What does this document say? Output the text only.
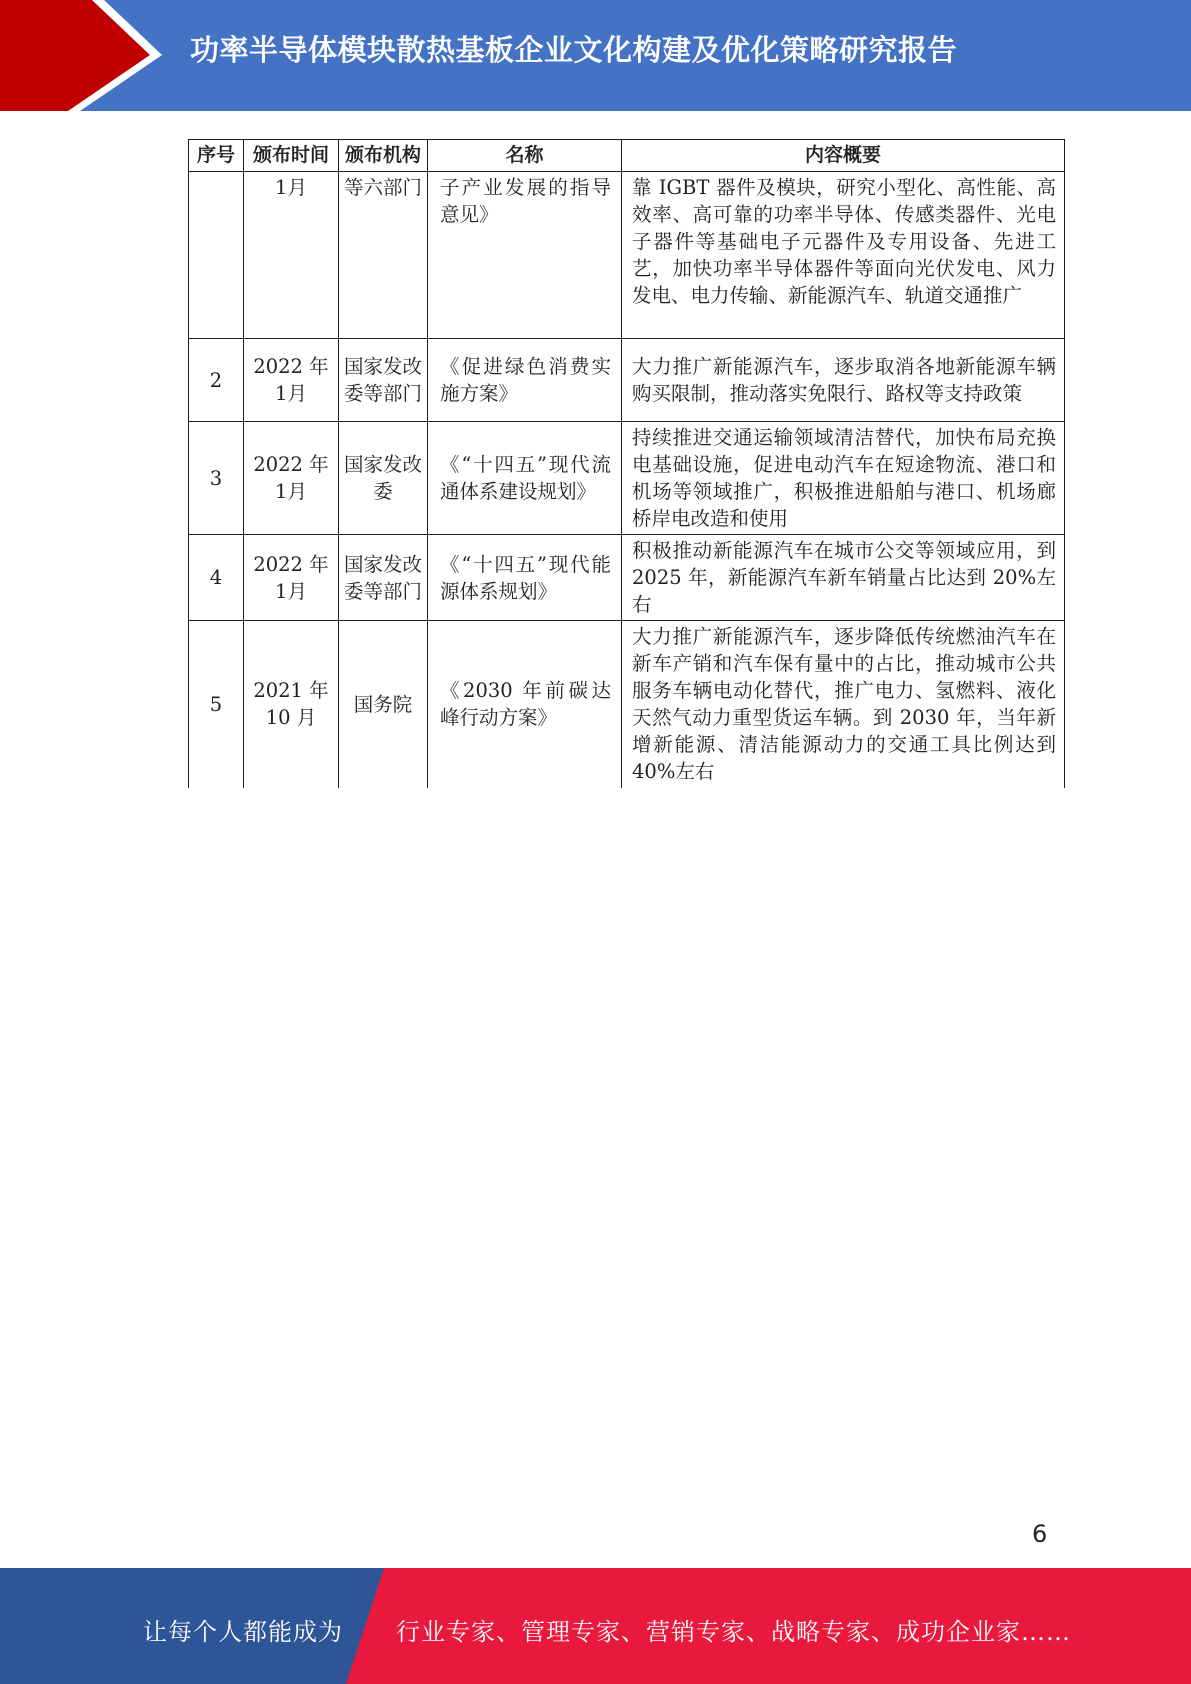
功率半导体模块散热基板企业文化构建及优化策略研究报告
序号	颁布时间	颁布机构	名称	内容概要
	1月	等六部门	子产业发展的指导意见》	靠 IGBT 器件及模块，研究小型化、高性能、高效率、高可靠的功率半导体、传感类器件、光电子器件等基础电子元器件及专用设备、先进工艺，加快功率半导体器件等面向光伏发电、风力发电、电力传输、新能源汽车、轨道交通推广
2	2022 年 1月	国家发改委等部门	《促进绿色消费实施方案》	大力推广新能源汽车，逐步取消各地新能源车辆购买限制，推动落实免限行、路权等支持政策
3	2022 年 1月	国家发改委	《“十四五”现代流通体系建设规划》	持续推进交通运输领域清洁替代，加快布局充换电基础设施，促进电动汽车在短途物流、港口和机场等领域推广，积极推进船舶与港口、机场廊桥岸电改造和使用
4	2022 年 1月	国家发改委等部门	《“十四五”现代能源体系规划》	积极推动新能源汽车在城市公交等领域应用，到 2025 年，新能源汽车新车销量占比达到 20%左右
5	2021 年 10 月	国务院	《2030 年前碳达峰行动方案》	大力推广新能源汽车，逐步降低传统燃油汽车在新车产销和汽车保有量中的占比，推动城市公共服务车辆电动化替代，推广电力、氢燃料、液化天然气动力重型货运车辆。到 2030 年，当年新增新能源、清洁能源动力的交通工具比例达到 40%左右
6
让每个人都能成为 行业专家、管理专家、营销专家、战略专家、成功企业家……
